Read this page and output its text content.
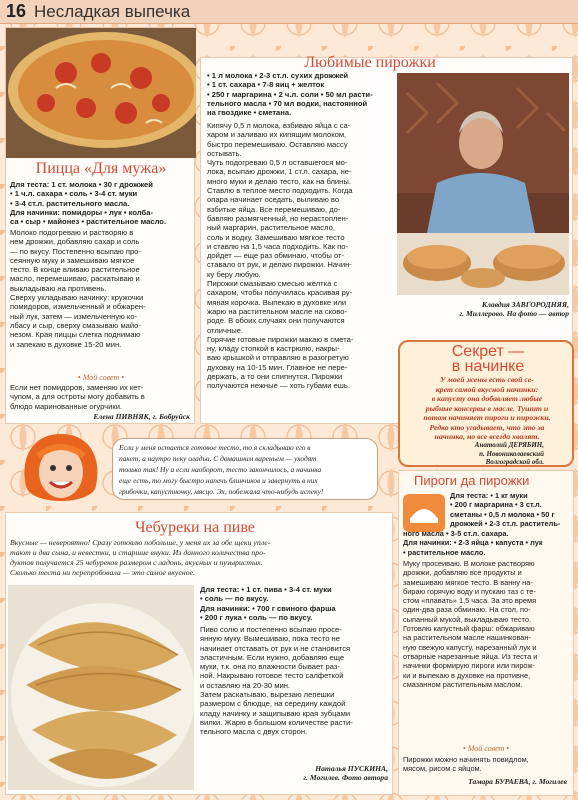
16 Несладкая выпечка
Пицца «Для мужа»
Для теста: 1 ст. молока • 30 г дрожжей
• 1 ч.л. сахара • соль • 3-4 ст. муки
• 3-4 ст.л. растительного масла.
Для начинки: помидоры • лук • колба-
са • сыр • майонез • растительное масло.
Молоко подогреваю и растворяю в
нем дрожжи, добавляю сахар и соль
— по вкусу. Постепенно всыпаю про-
сеянную муку и замешиваю мягкое
тесто. В конце вливаю растительное
масло, перемешиваю, раскатываю и
выкладываю на противень.
Сверху укладываю начинку: кружочки
помидоров, измельченный и обжарен-
ный лук, затем — измельченную ко-
лбасу и сыр, сверху смазываю майо-
незом. Края пиццы слегка поднимаю
и запекаю в духовке 15-20 мин.
• Мой совет •
Если нет помидоров, заменяю их кет-
чупом, а для остроты могу добавить в
блюдо маринованные огурчики.
Елена ПИВНЯК, г. Бобруйск
Любимые пирожки
• 1 л молока • 2-3 ст.л. сухих дрожжей
• 1 ст. сахара • 7-8 яиц + желток
• 250 г маргарина • 2 ч.л. соли • 50 мл расти-
тельного масла • 70 мл водки, настоянной
на гвоздике • сметана.
Кипячу 0,5 л молока, взбиваю яйца с са-
харом и заливаю их кипящим молоком,
быстро перемешиваю. Оставляю массу
остывать.
Чуть подогреваю 0,5 л оставшегося мо-
лока, всыпаю дрожжи, 1 ст.л. сахара, не-
много муки и делаю тесто, как на блины.
Ставлю в теплое место подходить. Когда
опара начинает оседать, выливаю во
взбитые яйца. Все перемешиваю, до-
бавляю размягченный, но нерастоплен-
ный маргарин, растительное масло,
соль и водку. Замешиваю мягкое тесто
и ставлю на 1,5 часа подходить. Как по-
дойдет — еще раз обминаю, чтобы от-
ставало от рук, и делаю пирожки. Начин-
ку беру любую.
Пирожки смазываю смесью желтка с
сахаром, чтобы получилась красивая ру-
мяная корочка. Выпекаю в духовке или
жарю на растительном масле на сково-
роде. В обоих случаях они получаются
отличные.
Горячие готовые пирожки макаю в смета-
ну, кладу стопкой в кастрюлю, накры-
ваю крышкой и отправляю в разогретую
духовку на 10-15 мин. Главное не пере-
держать, а то они слипнутся. Пирожки
получаются нежные — хоть губами ешь.
Клавдия ЗАВГОРОДНЯЯ,
г. Миллерово. На фото — автор
Секрет —
в начинке
У моей жены есть свой се-
крет самой вкусной начинки:
в капусту она добавляет любые
рыбные консервы в масле. Тушит и
потом начиняет пироги и пирожки.
Редко кто угадывает, что это за
начинка, но все всегда хвалят.
Анатолий ДЕРЯБИН,
п. Новониколаевский
Волгоградской обл.
Если у меня остается готовое тесто, то я складываю его в
пакет, а наутро пеку оладьи. С домашним вареньем — уходят
только так! Ну а если наоборот, тесто закончилось, а начинка
еще есть, то могу быстро напечь блинчиков и завернуть в них
грибочки, капустночку, мясцо. Эх, побежала что-нибудь испеку!
Чебуреки на пиве
Вкусные — невероятно! Сразу готовлю побольше, у меня их за обе щеки упле-
тают и два сына, и невестки, и старшие внуки. Из данного количества про-
дуктов получается 25 чебуреков размером с ладонь, вкусных и пузыристых.
Сколько теста ни перепробовала — это самое вкусное.
Для теста: • 1 ст. пива • 3-4 ст. муки
• соль — по вкусу.
Для начинки: • 700 г свиного фарша
• 200 г лука • соль — по вкусу.
Пиво солю и постепенно всыпаю просе-
янную муку. Вымешиваю, пока тесто не
начинает отставать от рук и не становится
эластичным. Если нужно, добавляю еще
муки, т.к. она по влажности бывает раз-
ной. Накрываю готовое тесто салфеткой
и оставляю на 20-30 мин.
Затем раскатываю, вырезаю лепешки
размером с блюдце, на середину каждой
кладу начинку и защипываю края зубцами
вилки. Жарю в большом количестве расти-
тельного масла с двух сторон.
Наталья ПУСКИНА,
г. Могилев. Фото автора
Пироги да пирожки
Для теста: • 1 кг муки
• 200 г маргарина • 3 ст.л.
сметаны • 0,5 л молока • 50 г
дрожжей • 2-3 ст.л. раститель-
ного масла • 3-5 ст.л. сахара.
Для начинки: • 2-3 яйца • капуста • лук
• растительное масло.
Муку просеиваю. В молоке растворяю
дрожжи, добавляю все продукты и
замешиваю мягкое тесто. В ванну на-
бираю горячую воду и пускаю таз с те-
стом «плавать» 1,5 часа. За это время
один-два раза обминаю. На стол, по-
сыпанный мукой, выкладываю тесто.
Готовлю капустный фарш: обжариваю
на растительном масле нашинкован-
ную свежую капусту, нарезанный лук и
отварные нарезанные яйца. Из теста и
начинки формирую пироги или пирож-
ки и выпекаю в духовке на противне,
смазанном растительным маслом.
• Мой совет •
Пирожки можно начинять повидлом,
мясом, рисом с яйцом.
Тамара БУРАЕВА, г. Могилев
